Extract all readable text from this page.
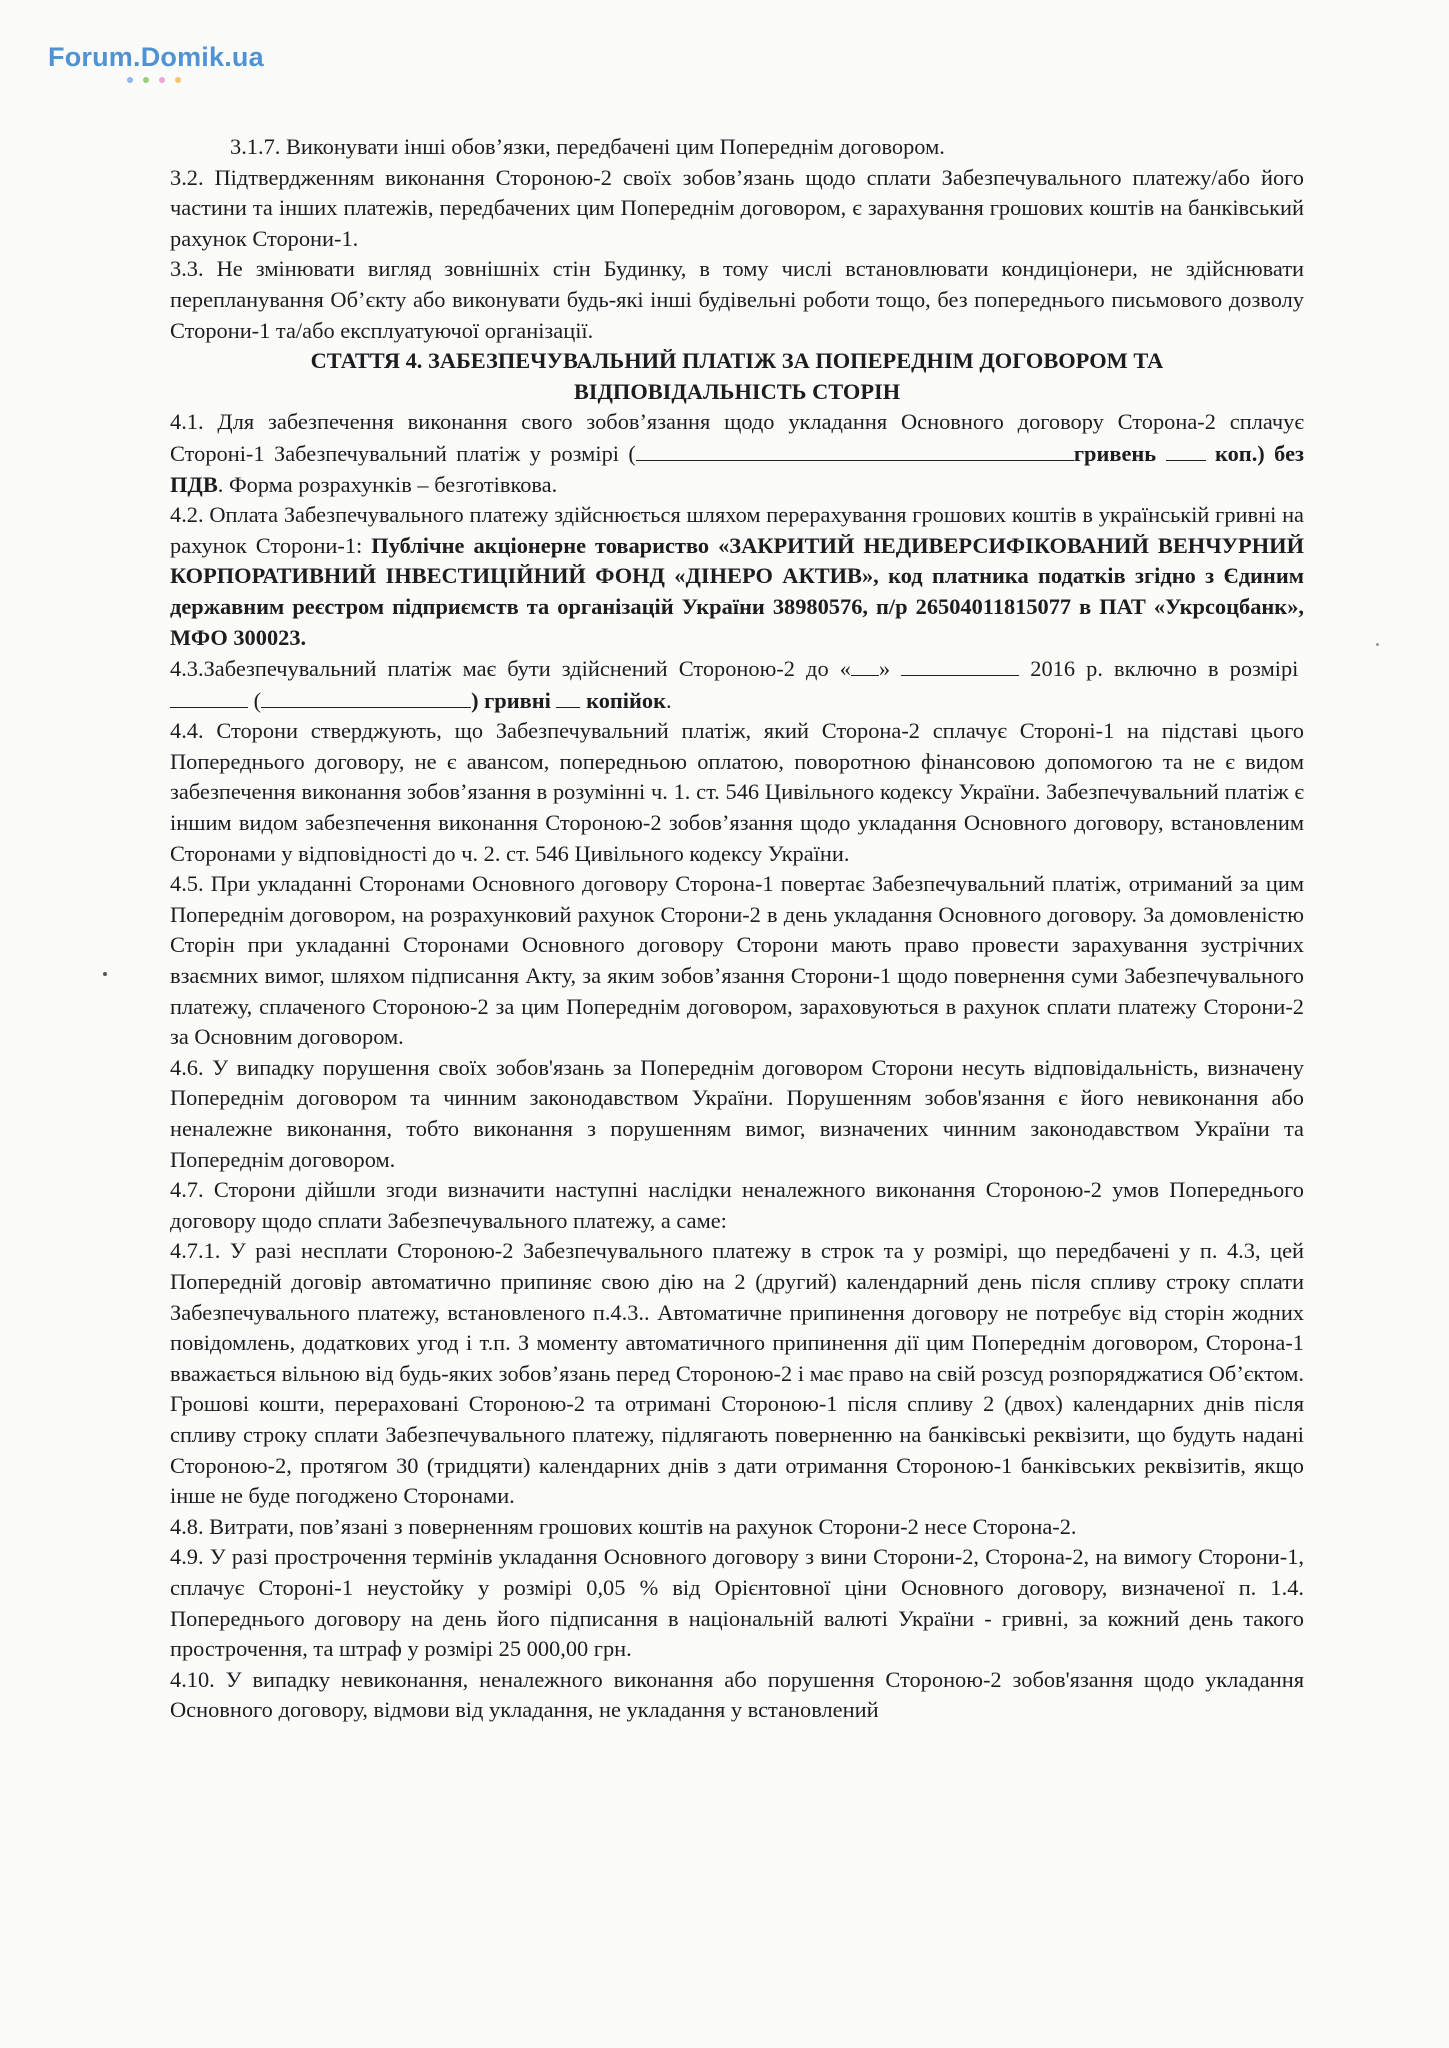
Forum.Domik.ua

3.1.7. Виконувати інші обов’язки, передбачені цим Попереднім договором.

3.2. Підтвердженням виконання Стороною-2 своїх зобов’язань щодо сплати Забезпечувального платежу/або його частини та інших платежів, передбачених цим Попереднім договором, є зарахування грошових коштів на банківський рахунок Сторони-1.

3.3. Не змінювати вигляд зовнішніх стін Будинку, в тому числі встановлювати кондиціонери, не здійснювати перепланування Об’єкту або виконувати будь-які інші будівельні роботи тощо, без попереднього письмового дозволу Сторони-1 та/або експлуатуючої організації.

СТАТТЯ 4. ЗАБЕЗПЕЧУВАЛЬНИЙ ПЛАТІЖ ЗА ПОПЕРЕДНІМ ДОГОВОРОМ ТА
ВІДПОВІДАЛЬНІСТЬ СТОРІН

4.1. Для забезпечення виконання свого зобов’язання щодо укладання Основного договору Сторона-2 сплачує Стороні-1 Забезпечувальний платіж у розмірі (	гривень	коп.) без ПДВ. Форма розрахунків – безготівкова.

4.2. Оплата Забезпечувального платежу здійснюється шляхом перерахування грошових коштів в українській гривні на рахунок Сторони-1: Публічне акціонерне товариство «ЗАКРИТИЙ НЕДИВЕРСИФІКОВАНИЙ ВЕНЧУРНИЙ КОРПОРАТИВНИЙ ІНВЕСТИЦІЙНИЙ ФОНД «ДІНЕРО АКТИВ», код платника податків згідно з Єдиним державним реєстром підприємств та організацій України 38980576, п/р 26504011815077 в ПАТ «Укрсоцбанк», МФО 300023.

4.3.Забезпечувальний платіж має бути здійснений Стороною-2 до « »	2016 р. включно в розмірі  (	) гривні копійок.

4.4. Сторони стверджують, що Забезпечувальний платіж, який Сторона-2 сплачує Стороні-1 на підставі цього Попереднього договору, не є авансом, попередньою оплатою, поворотною фінансовою допомогою та не є видом забезпечення виконання зобов’язання в розумінні ч. 1. ст. 546 Цивільного кодексу України. Забезпечувальний платіж є іншим видом забезпечення виконання Стороною-2 зобов’язання щодо укладання Основного договору, встановленим Сторонами у відповідності до ч. 2. ст. 546 Цивільного кодексу України.

4.5. При укладанні Сторонами Основного договору Сторона-1 повертає Забезпечувальний платіж, отриманий за цим Попереднім договором, на розрахунковий рахунок Сторони-2 в день укладання Основного договору. За домовленістю Сторін при укладанні Сторонами Основного договору Сторони мають право провести зарахування зустрічних взаємних вимог, шляхом підписання Акту, за яким зобов’язання Сторони-1 щодо повернення суми Забезпечувального платежу, сплаченого Стороною-2 за цим Попереднім договором, зараховуються в рахунок сплати платежу Сторони-2 за Основним договором.

4.6. У випадку порушення своїх зобов'язань за Попереднім договором Сторони несуть відповідальність, визначену Попереднім договором та чинним законодавством України. Порушенням зобов'язання є його невиконання або неналежне виконання, тобто виконання з порушенням вимог, визначених чинним законодавством України та Попереднім договором.

4.7. Сторони дійшли згоди визначити наступні наслідки неналежного виконання Стороною-2 умов Попереднього договору щодо сплати Забезпечувального платежу, а саме:

4.7.1. У разі несплати Стороною-2 Забезпечувального платежу в строк та у розмірі, що передбачені у п. 4.3, цей Попередній договір автоматично припиняє свою дію на 2 (другий) календарний день після спливу строку сплати Забезпечувального платежу, встановленого п.4.3.. Автоматичне припинення договору не потребує від сторін жодних повідомлень, додаткових угод і т.п. З моменту автоматичного припинення дії цим Попереднім договором, Сторона-1 вважається вільною від будь-яких зобов’язань перед Стороною-2 і має право на свій розсуд розпоряджатися Об’єктом. Грошові кошти, перераховані Стороною-2 та отримані Стороною-1 після спливу 2 (двох) календарних днів після спливу строку сплати Забезпечувального платежу, підлягають поверненню на банківські реквізити, що будуть надані Стороною-2, протягом 30 (тридцяти) календарних днів з дати отримання Стороною-1 банківських реквізитів, якщо інше не буде погоджено Сторонами.

4.8. Витрати, пов’язані з поверненням грошових коштів на рахунок Сторони-2 несе Сторона-2.

4.9. У разі прострочення термінів укладання Основного договору з вини Сторони-2, Сторона-2, на вимогу Сторони-1, сплачує Стороні-1 неустойку у розмірі 0,05 % від Орієнтовної ціни Основного договору, визначеної п. 1.4. Попереднього договору на день його підписання в національній валюті України - гривні, за кожний день такого прострочення, та штраф у розмірі 25 000,00 грн.

4.10. У випадку невиконання, неналежного виконання або порушення Стороною-2 зобов'язання щодо укладання Основного договору, відмови від укладання, не укладання у встановлений
